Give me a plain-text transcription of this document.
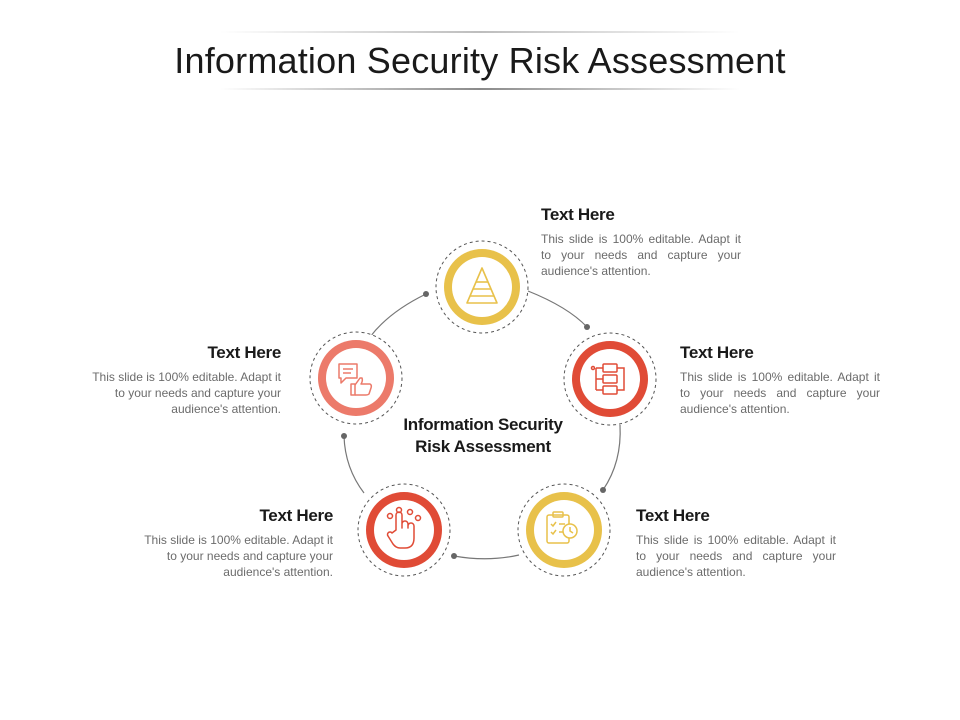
Information Security Risk Assessment
Information Security
Risk Assessment
Text Here
This slide is 100% editable. Adapt it to your needs and capture your audience's attention.
Text Here
This slide is 100% editable. Adapt it to your needs and capture your audience's attention.
Text Here
This slide is 100% editable. Adapt it to your needs and capture your audience's attention.
Text Here
This slide is 100% editable. Adapt it to your needs and capture your audience's attention.
Text Here
This slide is 100% editable. Adapt it to your needs and capture your audience's attention.
